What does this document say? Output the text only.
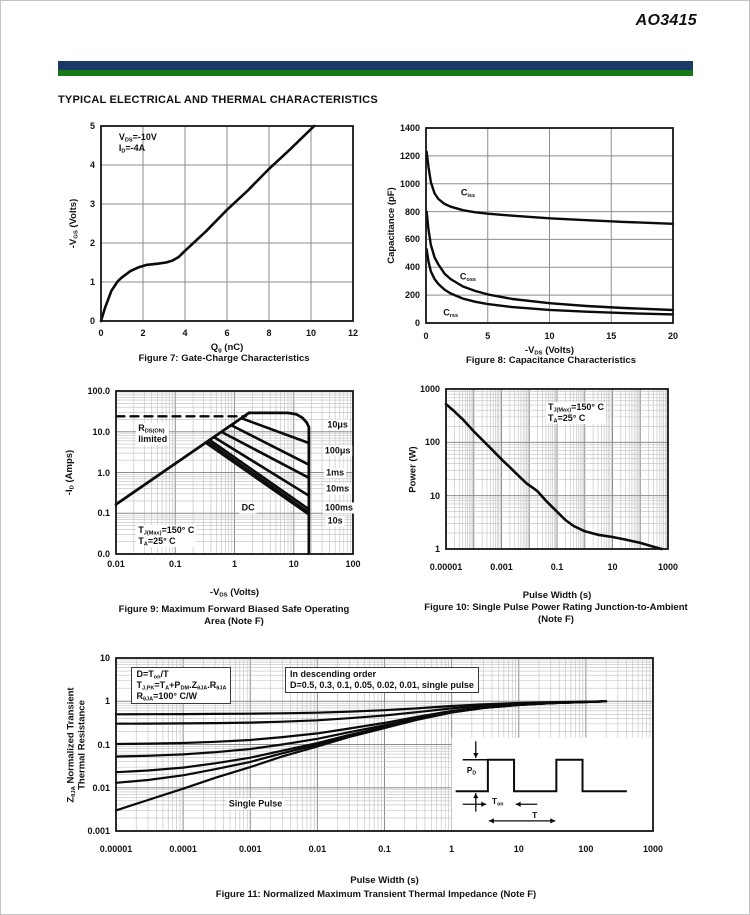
AO3415
TYPICAL ELECTRICAL AND THERMAL CHARACTERISTICS
0	2	4	6	8	10	12
0
1
2
3
4
5
$Q_g$ (nC)
$-V_{GS}$ (Volts)
$V_{DS}=-10V$
$I_D=-4A$
0	5	10	15	20
0
200
400
600
800
1000
1200
1400
$-V_{DS}$ (Volts)
Capacitance (pF)	$C_{iss}$
$C_{oss}$
$C_{rss}$
0.01	0.1	1	10	100
100.0
10.0
1.0
0.1
0.0
$-V_{DS}$ (Volts)
$-I_D$ (Amps)
$R_{DS(ON)}$
limited
$T_{J(Max)}=150^\circ$ C
$T_A=25^\circ$ C
DC
10μs
100μs
1ms
10ms
100ms
10s
0.00001	0.001	0.1	10	1000
1
10
100
1000
Pulse Width (s)
Power (W)
$T_{J(Max)}=150^\circ$ C
$T_A=25^\circ$ C
$P_D$
$T_{on}$
T
0.00001	0.0001	0.001	0.01	0.1	1	10	100	1000
10
1
0.1
0.01
0.001
Pulse Width (s)
$Z_{\theta JA}$ Normalized Transient
Thermal Resistance
$D=T_{on}/T$
$T_{J,PK}=T_A+P_{DM}.Z_{\theta JA}.R_{\theta JA}$
$R_{\theta JA}=100^\circ$ C/W
In descending order
D=0.5, 0.3, 0.1, 0.05, 0.02, 0.01, single pulse
Single Pulse
Figure 7: Gate-Charge Characteristics	Figure 8: Capacitance Characteristics
Figure 9: Maximum Forward Biased Safe Operating Area (Note F)
Figure 10: Single Pulse Power Rating Junction-to-Ambient (Note F)
Figure 11: Normalized Maximum Transient Thermal Impedance (Note F)
